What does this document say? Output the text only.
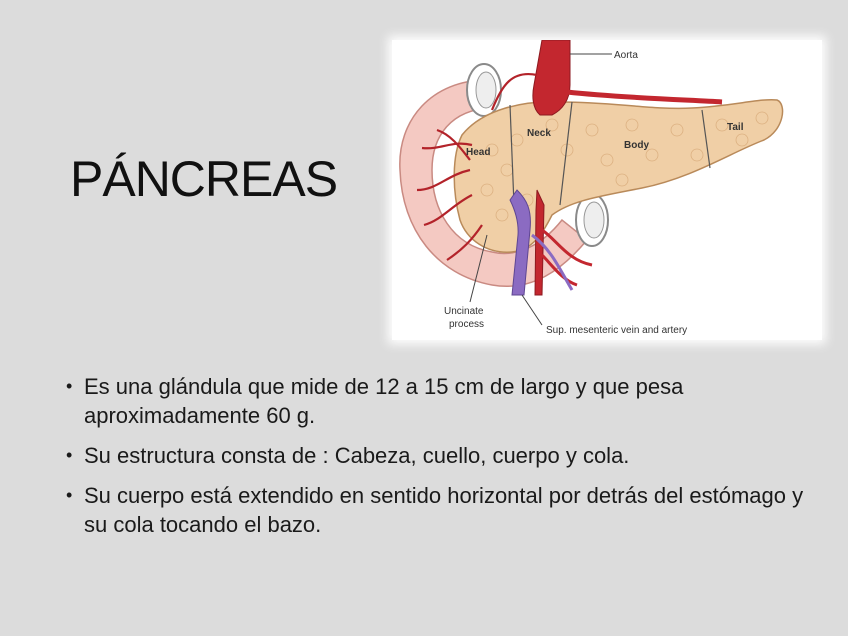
PÁNCREAS
Aorta
Head
Neck
Body
Tail
Uncinate
process
Sup. mesenteric vein and artery
• Es una glándula que mide de 12 a 15 cm de largo y que pesa aproximadamente 60 g.
• Su estructura consta de : Cabeza, cuello, cuerpo y cola.
• Su cuerpo está extendido en sentido horizontal por detrás del estómago y su cola tocando el bazo.
